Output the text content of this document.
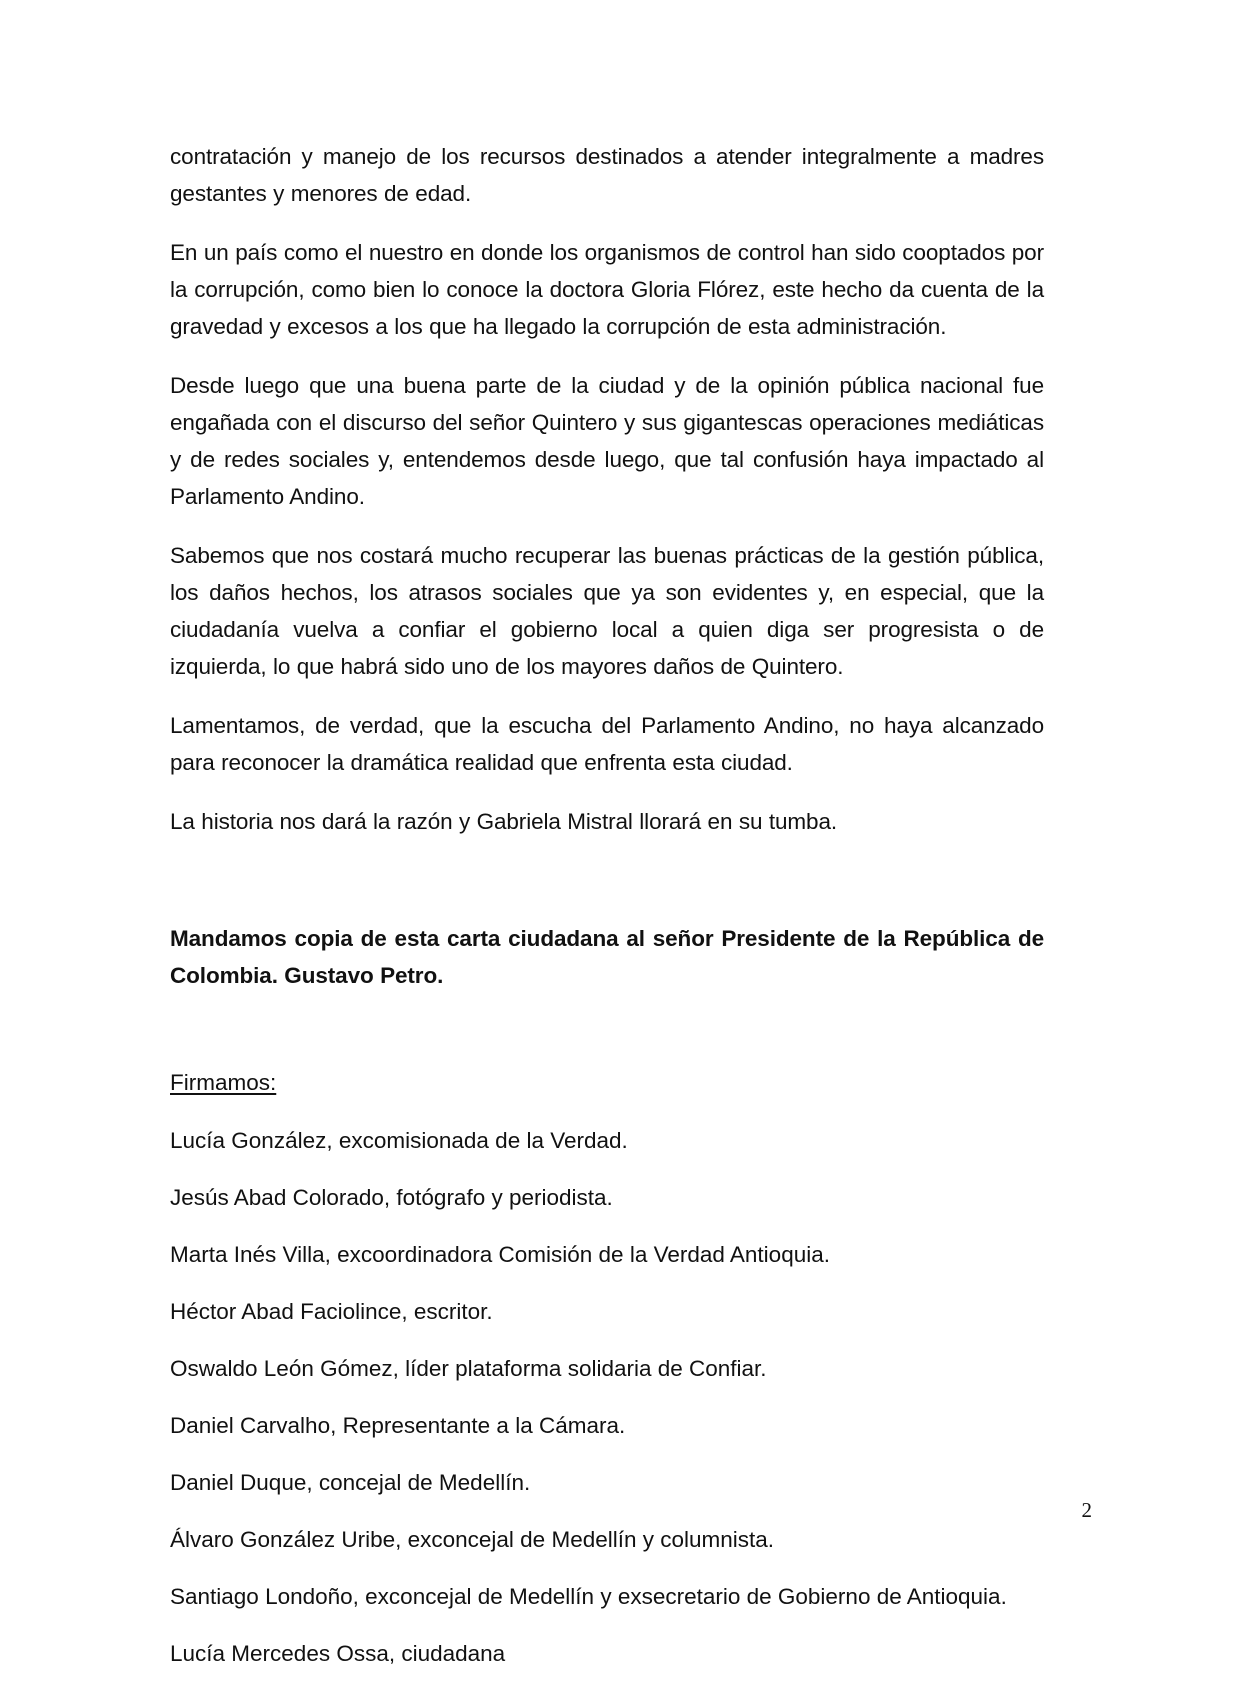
contratación y manejo de los recursos destinados a atender integralmente a madres gestantes y menores de edad.

En un país como el nuestro en donde los organismos de control han sido cooptados por la corrupción, como bien lo conoce la doctora Gloria Flórez, este hecho da cuenta de la gravedad y excesos a los que ha llegado la corrupción de esta administración.

Desde luego que una buena parte de la ciudad y de la opinión pública nacional fue engañada con el discurso del señor Quintero y sus gigantescas operaciones mediáticas y de redes sociales y, entendemos desde luego, que tal confusión haya impactado al Parlamento Andino.

Sabemos que nos costará mucho recuperar las buenas prácticas de la gestión pública, los daños hechos, los atrasos sociales que ya son evidentes y, en especial, que la ciudadanía vuelva a confiar el gobierno local a quien diga ser progresista o de izquierda, lo que habrá sido uno de los mayores daños de Quintero.

Lamentamos, de verdad, que la escucha del Parlamento Andino, no haya alcanzado para reconocer la dramática realidad que enfrenta esta ciudad.

La historia nos dará la razón y Gabriela Mistral llorará en su tumba.

Mandamos copia de esta carta ciudadana al señor Presidente de la República de Colombia. Gustavo Petro.

Firmamos:

Lucía González, excomisionada de la Verdad.
Jesús Abad Colorado, fotógrafo y periodista.
Marta Inés Villa, excoordinadora Comisión de la Verdad Antioquia.
Héctor Abad Faciolince, escritor.
Oswaldo León Gómez, líder plataforma solidaria de Confiar.
Daniel Carvalho, Representante a la Cámara.
Daniel Duque, concejal de Medellín.
Álvaro González Uribe, exconcejal de Medellín y columnista.
Santiago Londoño, exconcejal de Medellín y exsecretario de Gobierno de Antioquia.
Lucía Mercedes Ossa, ciudadana
2
